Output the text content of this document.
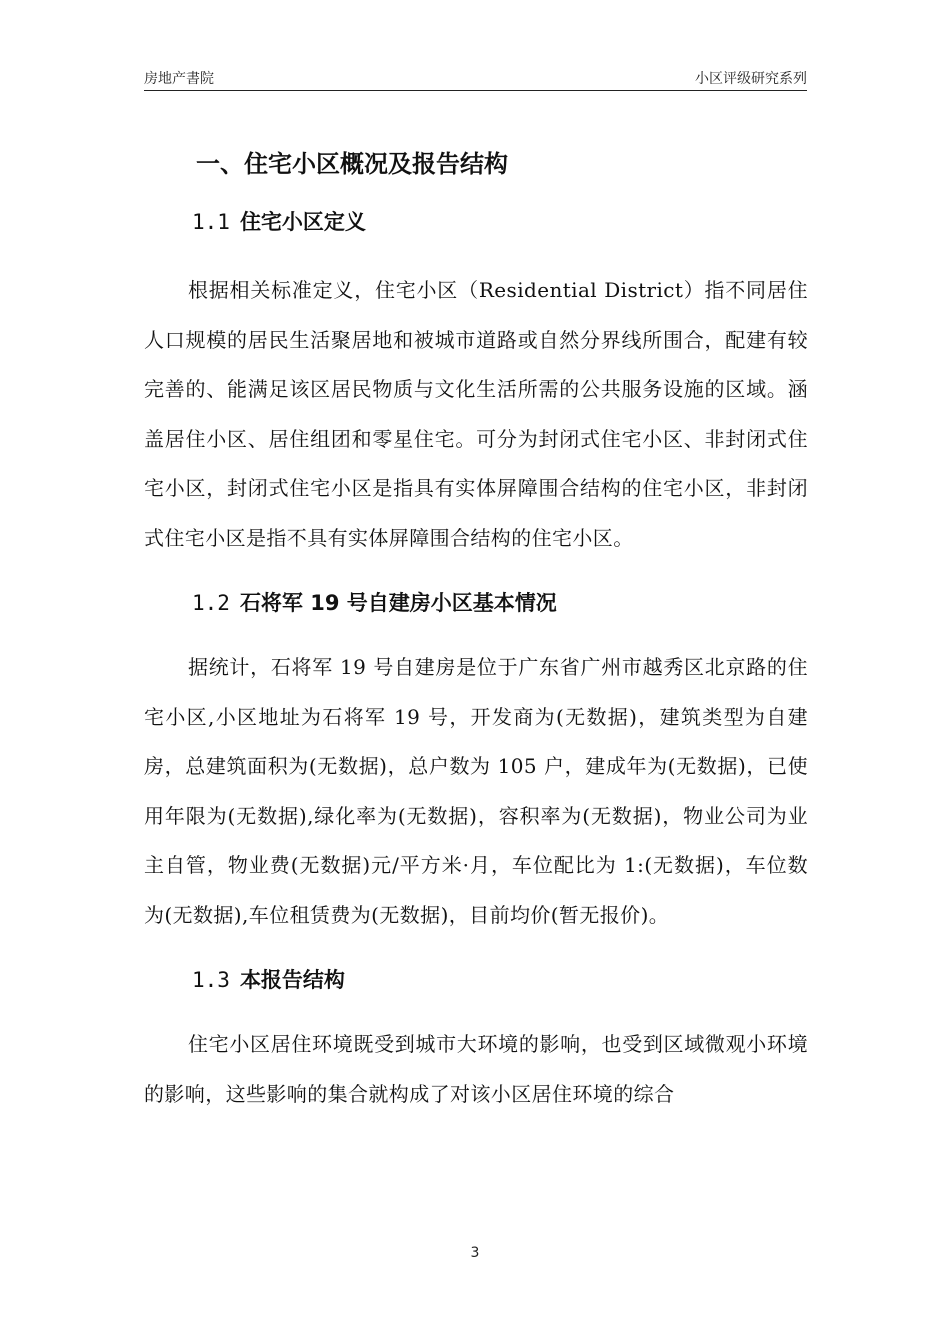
房地产書院	小区评级研究系列
一、住宅小区概况及报告结构
1.1 住宅小区定义

根据相关标准定义，住宅小区（Residential District）指不同居住人口规模的居民生活聚居地和被城市道路或自然分界线所围合，配建有较完善的、能满足该区居民物质与文化生活所需的公共服务设施的区域。涵盖居住小区、居住组团和零星住宅。可分为封闭式住宅小区、非封闭式住宅小区，封闭式住宅小区是指具有实体屏障围合结构的住宅小区，非封闭式住宅小区是指不具有实体屏障围合结构的住宅小区。

1.2 石将军 19 号自建房小区基本情况

据统计，石将军 19 号自建房是位于广东省广州市越秀区北京路的住宅小区,小区地址为石将军 19 号，开发商为(无数据)，建筑类型为自建房，总建筑面积为(无数据)，总户数为 105 户，建成年为(无数据)，已使用年限为(无数据),绿化率为(无数据)，容积率为(无数据)，物业公司为业主自管，物业费(无数据)元/平方米·月，车位配比为 1:(无数据)，车位数为(无数据),车位租赁费为(无数据)，目前均价(暂无报价)。

1.3 本报告结构

住宅小区居住环境既受到城市大环境的影响，也受到区域微观小环境的影响，这些影响的集合就构成了对该小区居住环境的综合

3
